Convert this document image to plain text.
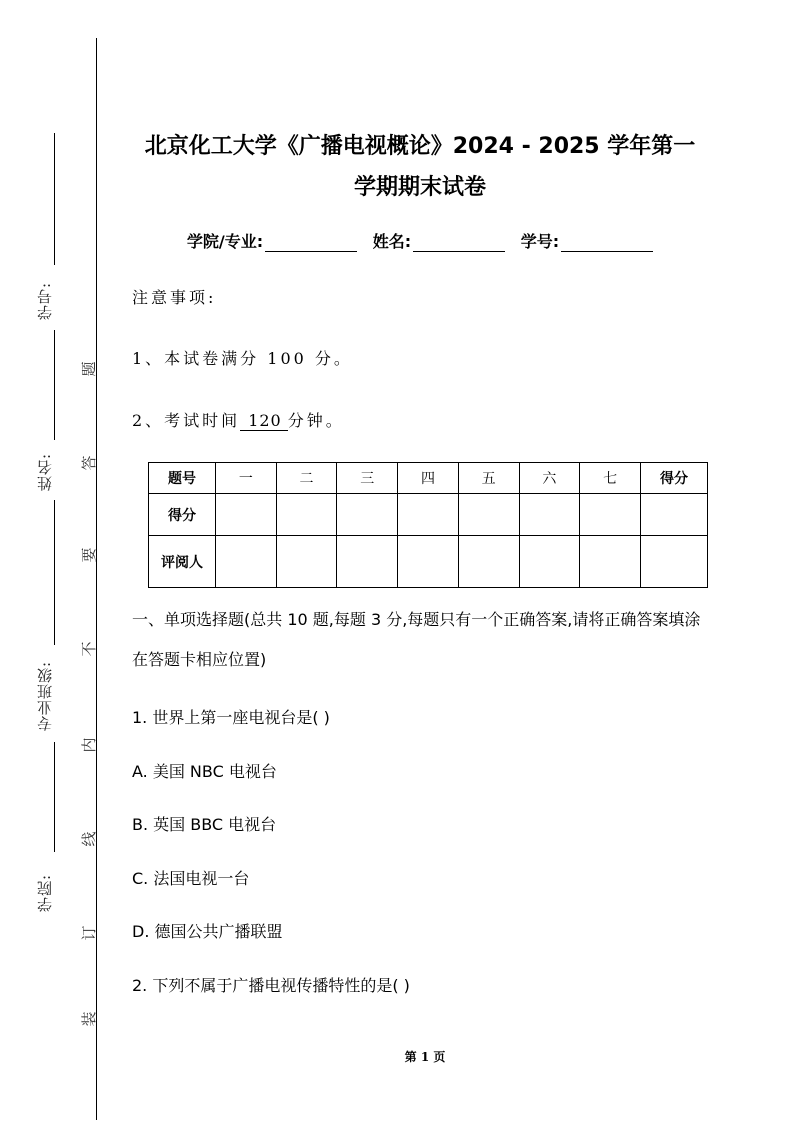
学号:
姓名:
专业班级:
学院:
题
答
要
不
内
线
订
装
北京化工大学《广播电视概论》2024 - 2025 学年第一
学期期末试卷
学院/专业:	姓名:	学号:
注意事项:
1、本试卷满分 100 分。
2、考试时间 120 分钟。
题号	一	二	三	四	五	六	七	得分
得分								
评阅人								
一、单项选择题(总共 10 题,每题 3 分,每题只有一个正确答案,请将正确答案填涂在答题卡相应位置)
1. 世界上第一座电视台是( )
A. 美国 NBC 电视台
B. 英国 BBC 电视台
C. 法国电视一台
D. 德国公共广播联盟
2. 下列不属于广播电视传播特性的是( )
第 1 页
